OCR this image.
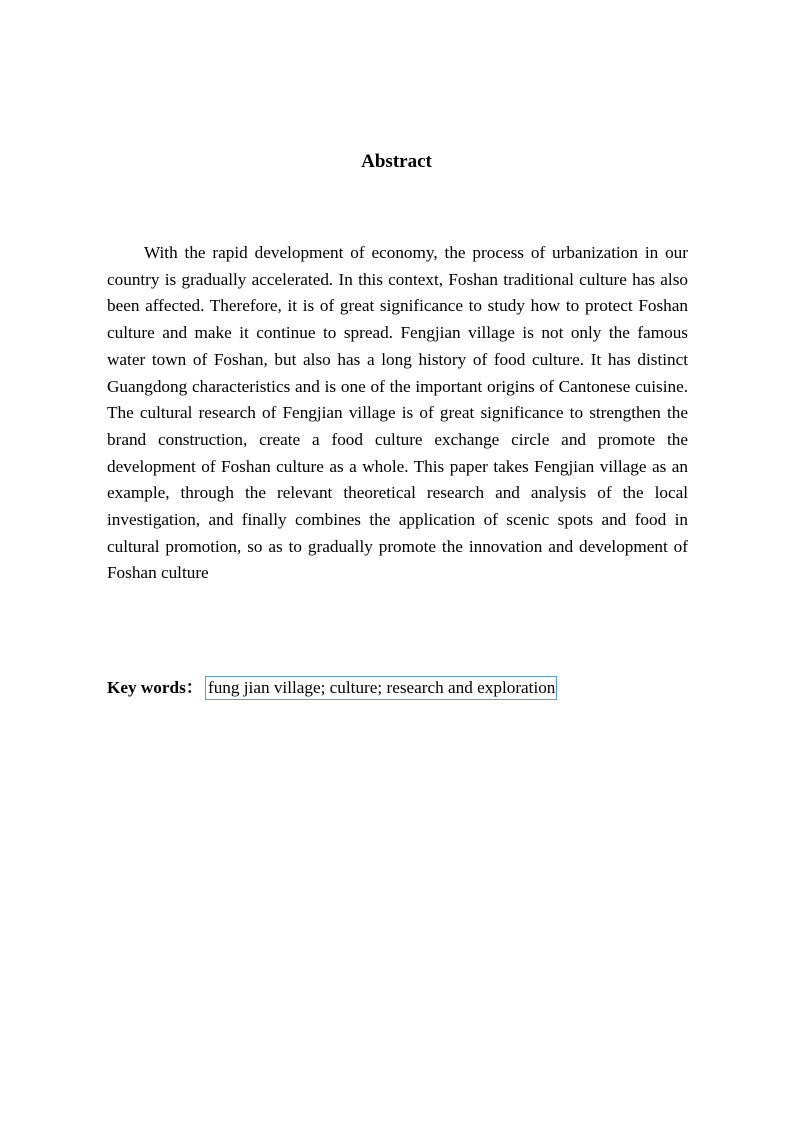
Abstract

With the rapid development of economy, the process of urbanization in our country is gradually accelerated. In this context, Foshan traditional culture has also been affected. Therefore, it is of great significance to study how to protect Foshan culture and make it continue to spread. Fengjian village is not only the famous water town of Foshan, but also has a long history of food culture. It has distinct Guangdong characteristics and is one of the important origins of Cantonese cuisine. The cultural research of Fengjian village is of great significance to strengthen the brand construction, create a food culture exchange circle and promote the development of Foshan culture as a whole. This paper takes Fengjian village as an example, through the relevant theoretical research and analysis of the local investigation, and finally combines the application of scenic spots and food in cultural promotion, so as to gradually promote the innovation and development of Foshan culture

Key words： fung jian village; culture; research and exploration
